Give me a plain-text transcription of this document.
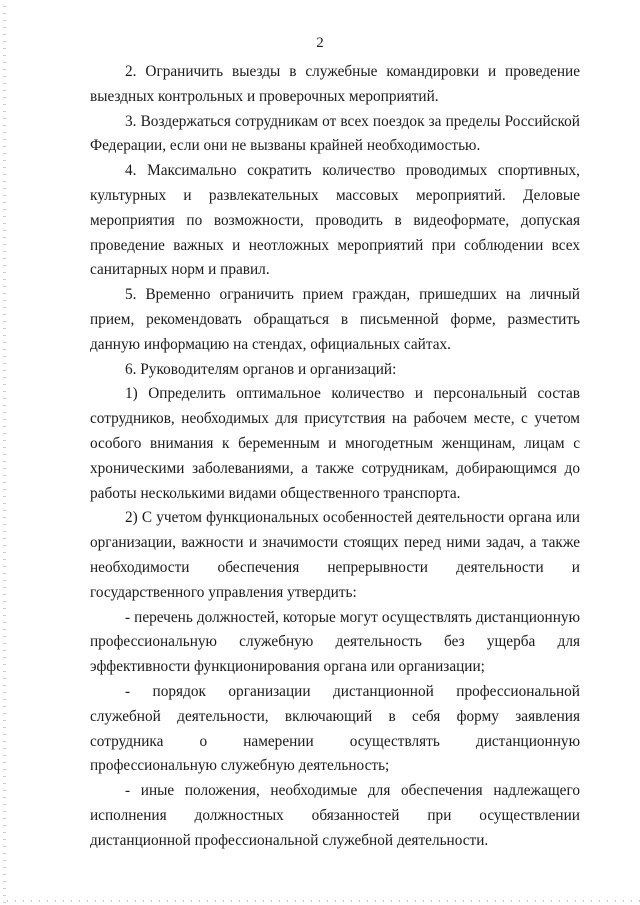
2

2. Ограничить выезды в служебные командировки и проведение выездных контрольных и проверочных мероприятий.

3. Воздержаться сотрудникам от всех поездок за пределы Российской Федерации, если они не вызваны крайней необходимостью.

4. Максимально сократить количество проводимых спортивных, культурных и развлекательных массовых мероприятий. Деловые мероприятия по возможности, проводить в видеоформате, допуская проведение важных и неотложных мероприятий при соблюдении всех санитарных норм и правил.

5. Временно ограничить прием граждан, пришедших на личный прием, рекомендовать обращаться в письменной форме, разместить данную информацию на стендах, официальных сайтах.

6. Руководителям органов и организаций:

1) Определить оптимальное количество и персональный состав сотрудников, необходимых для присутствия на рабочем месте, с учетом особого внимания к беременным и многодетным женщинам, лицам с хроническими заболеваниями, а также сотрудникам, добирающимся до работы несколькими видами общественного транспорта.

2) С учетом функциональных особенностей деятельности органа или организации, важности и значимости стоящих перед ними задач, а также необходимости обеспечения непрерывности деятельности и государственного управления утвердить:

- перечень должностей, которые могут осуществлять дистанционную профессиональную служебную деятельность без ущерба для эффективности функционирования органа или организации;

- порядок организации дистанционной профессиональной служебной деятельности, включающий в себя форму заявления сотрудника о намерении осуществлять дистанционную профессиональную служебную деятельность;

- иные положения, необходимые для обеспечения надлежащего исполнения должностных обязанностей при осуществлении дистанционной профессиональной служебной деятельности.
